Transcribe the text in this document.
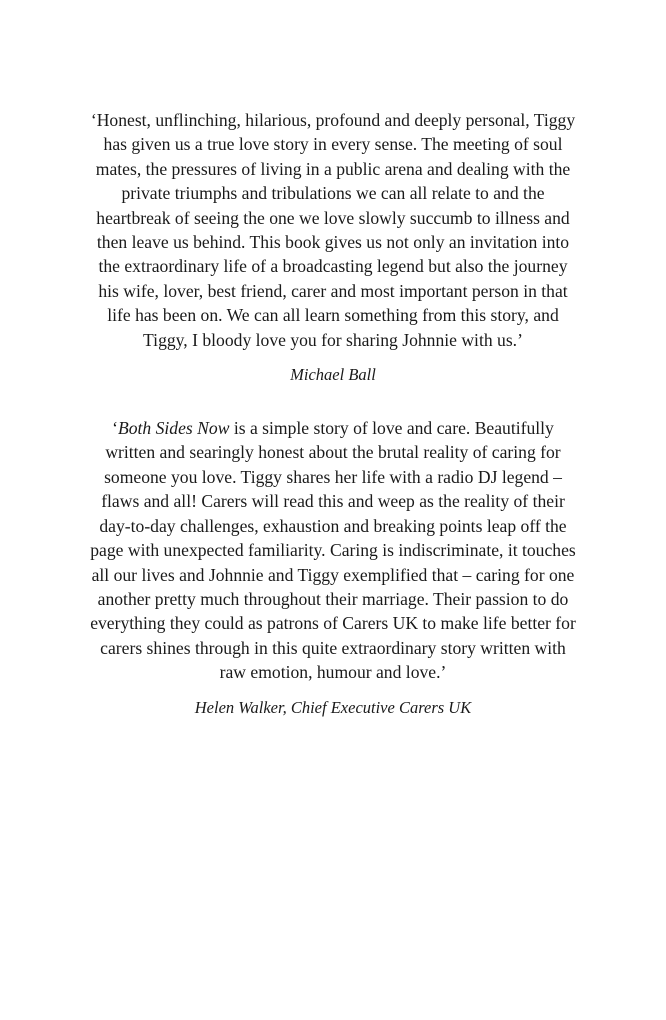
‘Honest, unflinching, hilarious, profound and deeply personal, Tiggy has given us a true love story in every sense. The meeting of soul mates, the pressures of living in a public arena and dealing with the private triumphs and tribulations we can all relate to and the heartbreak of seeing the one we love slowly succumb to illness and then leave us behind. This book gives us not only an invitation into the extraordinary life of a broadcasting legend but also the journey his wife, lover, best friend, carer and most important person in that life has been on. We can all learn something from this story, and Tiggy, I bloody love you for sharing Johnnie with us.’

Michael Ball

‘Both Sides Now is a simple story of love and care. Beautifully written and searingly honest about the brutal reality of caring for someone you love. Tiggy shares her life with a radio DJ legend – flaws and all! Carers will read this and weep as the reality of their day-to-day challenges, exhaustion and breaking points leap off the page with unexpected familiarity. Caring is indiscriminate, it touches all our lives and Johnnie and Tiggy exemplified that – caring for one another pretty much throughout their marriage. Their passion to do everything they could as patrons of Carers UK to make life better for carers shines through in this quite extraordinary story written with raw emotion, humour and love.’

Helen Walker, Chief Executive Carers UK
